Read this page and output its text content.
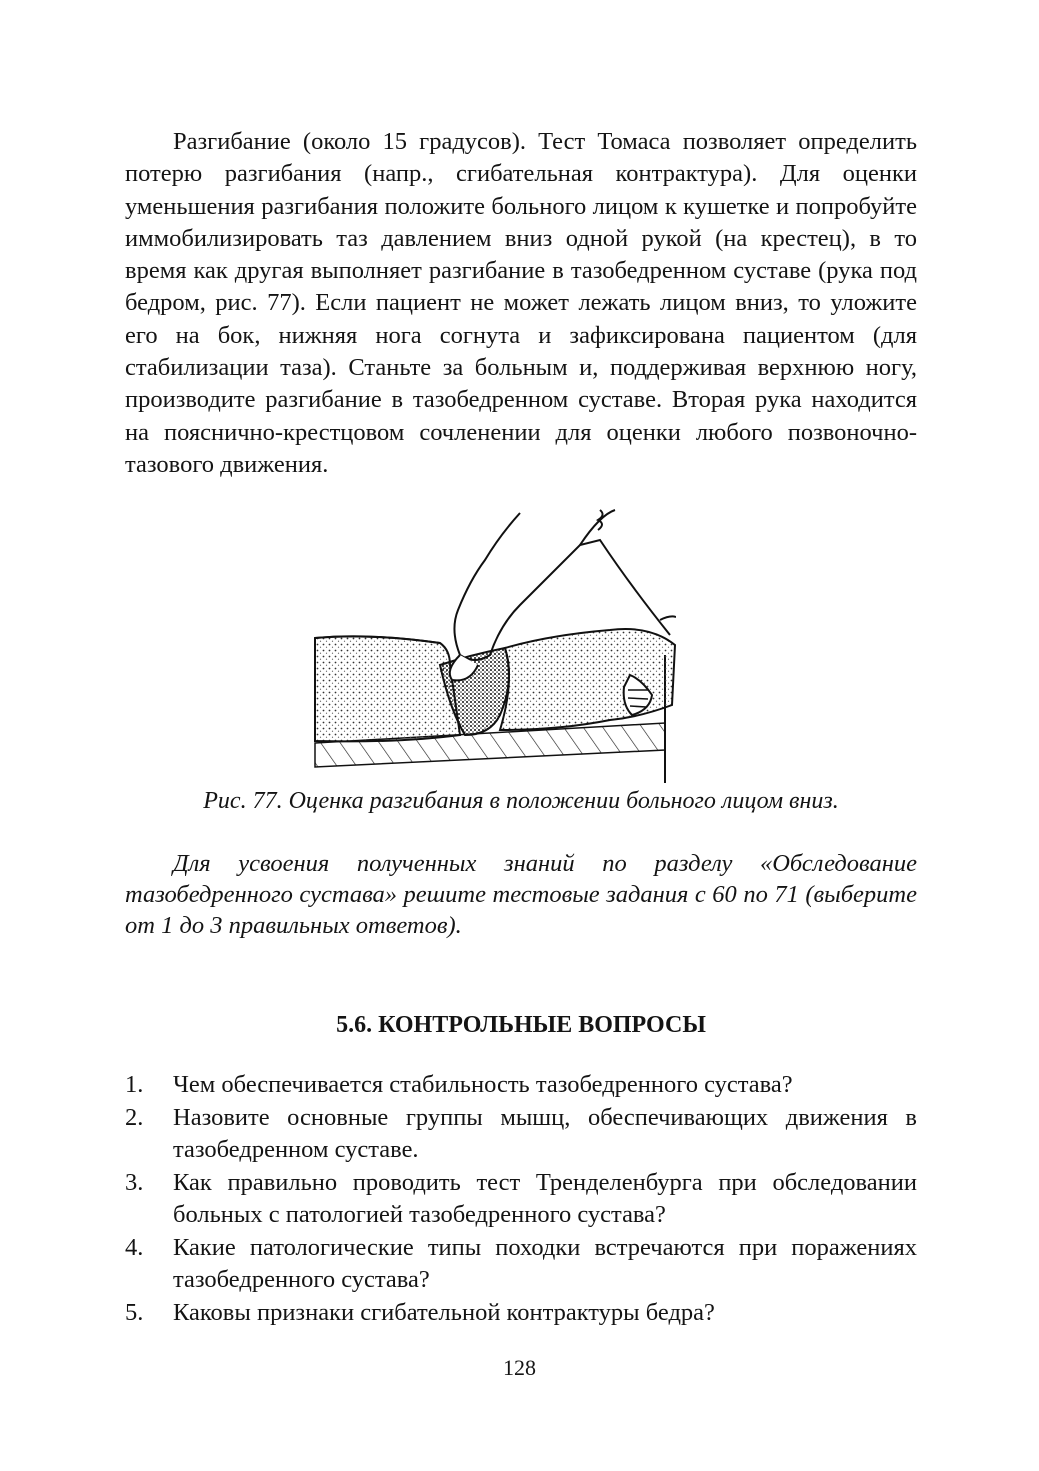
Разгибание (около 15 градусов). Тест Томаса позволяет определить потерю разгибания (напр., сгибательная контрактура). Для оценки уменьшения разгибания положите больного лицом к кушетке и попробуйте иммобилизировать таз давлением вниз одной рукой (на крестец), в то время как другая выполняет разгибание в тазобедренном суставе (рука под бедром, рис. 77). Если пациент не может лежать лицом вниз, то уложите его на бок, нижняя нога согнута и зафиксирована пациентом (для стабилизации таза). Станьте за больным и, поддерживая верхнюю ногу, производите разгибание в тазобедренном суставе. Вторая рука находится на пояснично-крестцовом сочленении для оценки любого позвоночно-тазового движения.

Рис. 77. Оценка разгибания в положении больного лицом вниз.

Для усвоения полученных знаний по разделу «Обследование тазобедренного сустава» решите тестовые задания с 60 по 71 (выберите от 1 до 3 правильных ответов).

5.6. КОНТРОЛЬНЫЕ ВОПРОСЫ
1. Чем обеспечивается стабильность тазобедренного сустава?
2. Назовите основные группы мышц, обеспечивающих движения в тазобедренном суставе.
3. Как правильно проводить тест Тренделенбурга при обследовании больных с патологией тазобедренного сустава?
4. Какие патологические типы походки встречаются при поражениях тазобедренного сустава?
5. Каковы признаки сгибательной контрактуры бедра?

128
